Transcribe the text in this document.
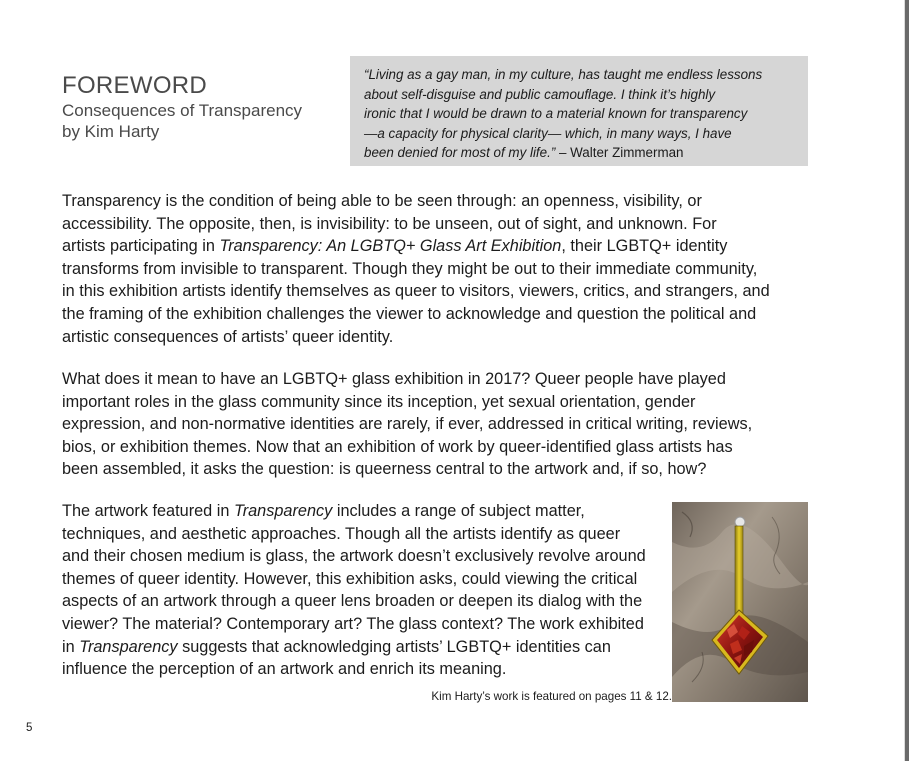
FOREWORD
Consequences of Transparency
by Kim Harty
“Living as a gay man, in my culture, has taught me endless lessons
about self-disguise and public camouflage. I think it’s highly
ironic that I would be drawn to a material known for transparency
—a capacity for physical clarity— which, in many ways, I have
been denied for most of my life.” – Walter Zimmerman
Transparency is the condition of being able to be seen through: an openness, visibility, or
accessibility. The opposite, then, is invisibility: to be unseen, out of sight, and unknown. For
artists participating in Transparency: An LGBTQ+ Glass Art Exhibition, their LGBTQ+ identity
transforms from invisible to transparent. Though they might be out to their immediate community,
in this exhibition artists identify themselves as queer to visitors, viewers, critics, and strangers, and
the framing of the exhibition challenges the viewer to acknowledge and question the political and
artistic consequences of artists’ queer identity.
What does it mean to have an LGBTQ+ glass exhibition in 2017? Queer people have played
important roles in the glass community since its inception, yet sexual orientation, gender
expression, and non-normative identities are rarely, if ever, addressed in critical writing, reviews,
bios, or exhibition themes. Now that an exhibition of work by queer-identified glass artists has
been assembled, it asks the question: is queerness central to the artwork and, if so, how?
The artwork featured in Transparency includes a range of subject matter,
techniques, and aesthetic approaches. Though all the artists identify as queer
and their chosen medium is glass, the artwork doesn’t exclusively revolve around
themes of queer identity. However, this exhibition asks, could viewing the critical
aspects of an artwork through a queer lens broaden or deepen its dialog with the
viewer? The material? Contemporary art? The glass context? The work exhibited
in Transparency suggests that acknowledging artists’ LGBTQ+ identities can
influence the perception of an artwork and enrich its meaning.
Kim Harty’s work is featured on pages 11 & 12.
5
